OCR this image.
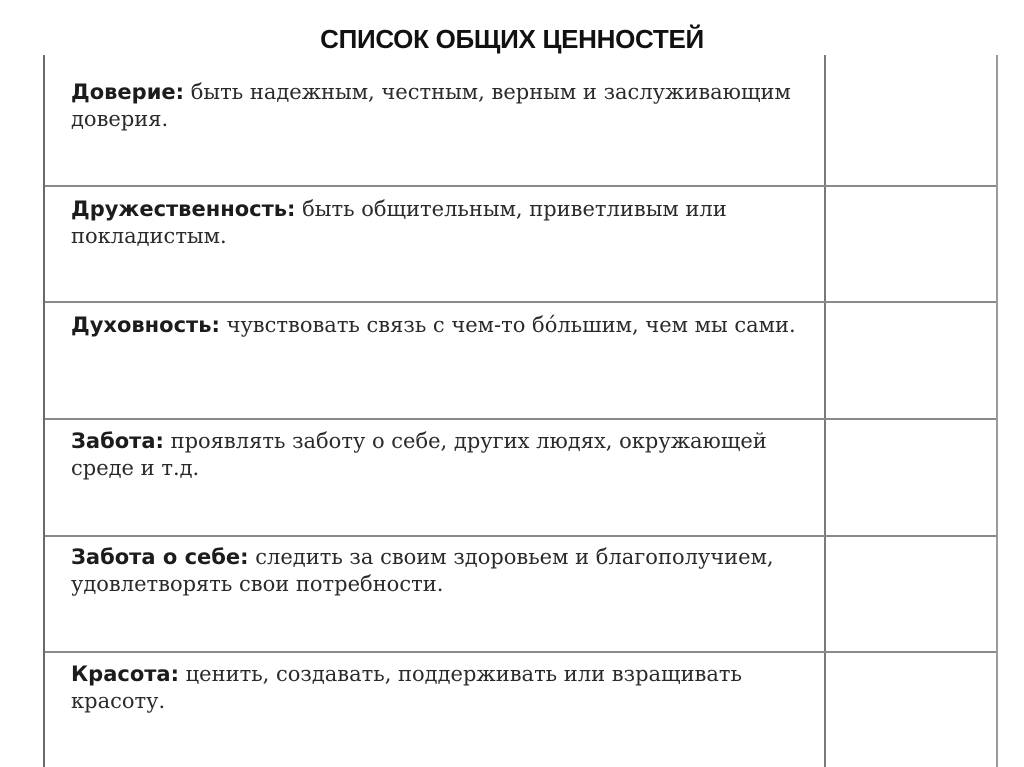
СПИСОК ОБЩИХ ЦЕННОСТЕЙ
Доверие: быть надежным, честным, верным и заслуживающим доверия.
Дружественность: быть общительным, приветливым или покладистым.
Духовность: чувствовать связь с чем-то бóльшим, чем мы сами.
Забота: проявлять заботу о себе, других людях, окружающей среде и т.д.
Забота о себе: следить за своим здоровьем и благополучием, удовлетворять свои потребности.
Красота: ценить, создавать, поддерживать или взращивать красоту.
